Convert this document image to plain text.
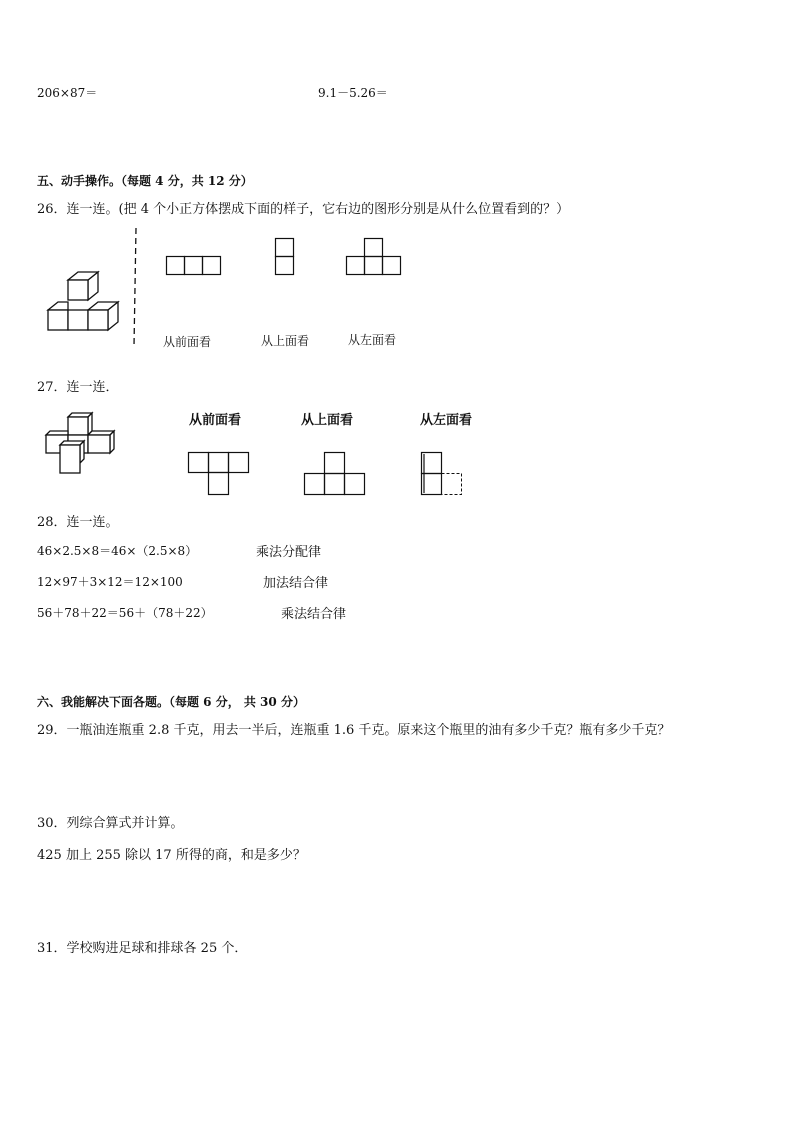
206×87＝	9.1－5.26＝
五、动手操作。（每题 4 分，共 12 分）
26．连一连。(把 4 个小正方体摆成下面的样子，它右边的图形分别是从什么位置看到的？）
从前面看	从上面看	从左面看
27．连一连．
从前面看	从上面看	从左面看
28．连一连。
46×2.5×8＝46×（2.5×8）	乘法分配律
12×97＋3×12＝12×100	加法结合律
56＋78＋22＝56＋（78＋22）	乘法结合律
六、我能解决下面各题。（每题 6 分， 共 30 分）
29．一瓶油连瓶重 2.8 千克，用去一半后，连瓶重 1.6 千克。原来这个瓶里的油有多少千克？瓶有多少千克？
30．列综合算式并计算。
425 加上 255 除以 17 所得的商，和是多少？
31．学校购进足球和排球各 25 个．
